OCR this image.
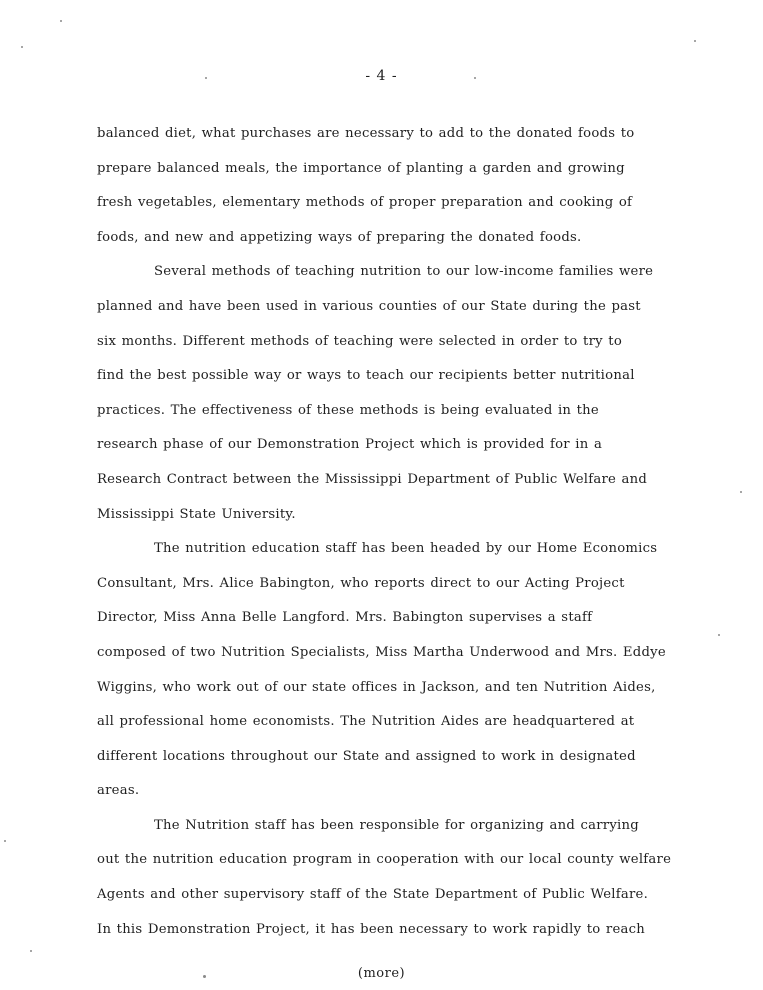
- 4 -
balanced diet, what purchases are necessary to add to the donated foods to
prepare balanced meals, the importance of planting a garden and growing
fresh vegetables, elementary methods of proper preparation and cooking of
foods, and new and appetizing ways of preparing the donated foods.
Several methods of teaching nutrition to our low-income families were
planned and have been used in various counties of our State during the past
six months. Different methods of teaching were selected in order to try to
find the best possible way or ways to teach our recipients better nutritional
practices. The effectiveness of these methods is being evaluated in the
research phase of our Demonstration Project which is provided for in a
Research Contract between the Mississippi Department of Public Welfare and
Mississippi State University.
The nutrition education staff has been headed by our Home Economics
Consultant, Mrs. Alice Babington, who reports direct to our Acting Project
Director, Miss Anna Belle Langford. Mrs. Babington supervises a staff
composed of two Nutrition Specialists, Miss Martha Underwood and Mrs. Eddye
Wiggins, who work out of our state offices in Jackson, and ten Nutrition Aides,
all professional home economists. The Nutrition Aides are headquartered at
different locations throughout our State and assigned to work in designated
areas.
The Nutrition staff has been responsible for organizing and carrying
out the nutrition education program in cooperation with our local county welfare
Agents and other supervisory staff of the State Department of Public Welfare.
In this Demonstration Project, it has been necessary to work rapidly to reach
(more)
